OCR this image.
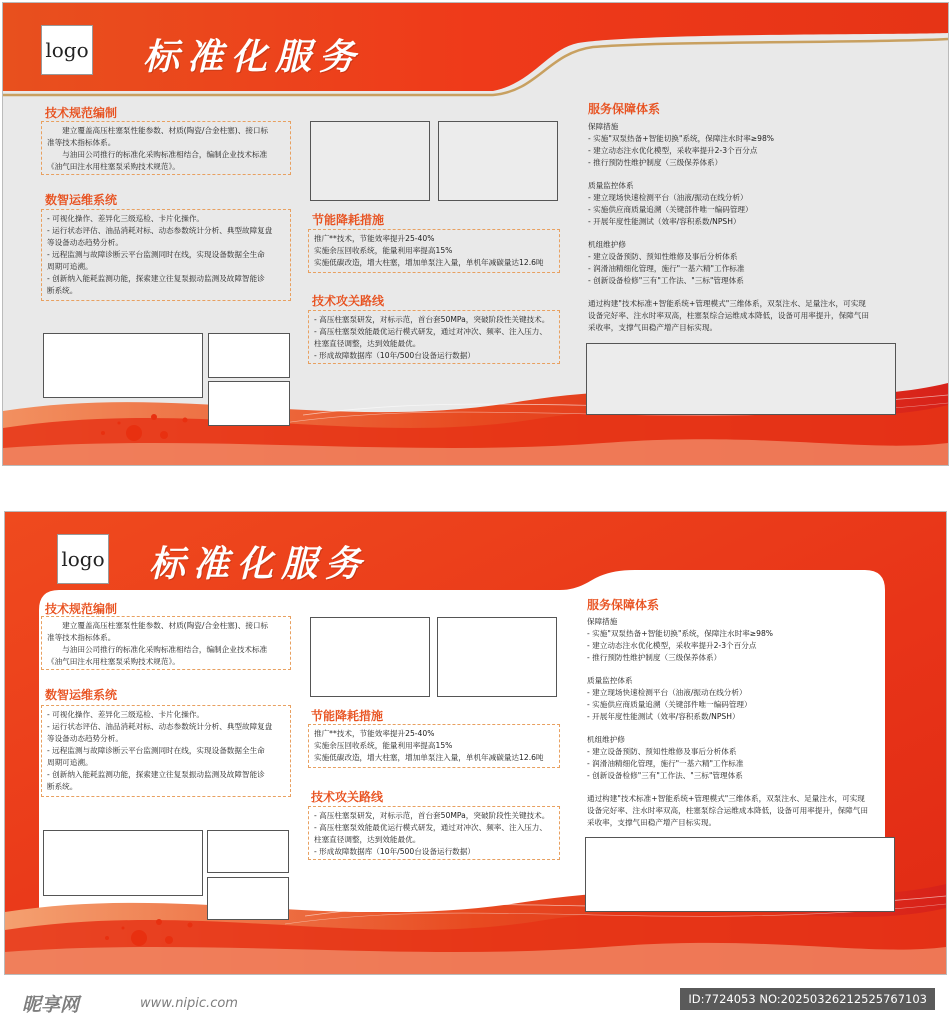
logo 标准化服务
技术规范编制
　　建立覆盖高压柱塞泵性能参数、材质(陶瓷/合金柱塞)、接口标
准等技术指标体系。
　　与油田公司推行的标准化采购标准相结合，编制企业技术标准
《油气田注水用柱塞泵采购技术规范》。
数智运维系统
- 可视化操作、差异化三级巡检、卡片化操作。
- 运行状态评估、油品消耗对标、动态参数统计分析、典型故障复盘
等设备动态趋势分析。
- 远程监测与故障诊断云平台监测同时在线，实现设备数据全生命
周期可追溯。
- 创新纳入能耗监测功能，探索建立往复泵振动监测及故障智能诊
断系统。
节能降耗措施
推广**技术，节能效率提升25-40%
实施余压回收系统，能量利用率提高15%
实施低碳改造，增大柱塞，增加单泵注入量，单机年减碳量达12.6吨
技术攻关路线
- 高压柱塞泵研发，对标示范，首台套50MPa，突破阶段性关键技术。
- 高压柱塞泵效能最优运行模式研发，通过对冲次、频率、注入压力、
柱塞直径调整，达到效能最优。
- 形成故障数据库（10年/500台设备运行数据）
服务保障体系
保障措施
- 实施"双泵热备+智能切换"系统，保障注水时率≥98%
- 建立动态注水优化模型，采收率提升2-3个百分点
- 推行预防性维护制度（三级保养体系）
质量监控体系
- 建立现场快速检测平台（油液/振动在线分析）
- 实施供应商质量追溯（关键部件唯一编码管理）
- 开展年度性能测试（效率/容积系数/NPSH）
机组维护修
- 建立设备预防、预知性维修及事后分析体系
- 润滑油精细化管理，施行"一基六精"工作标准
- 创新设备检修"三有"工作法、"三标"管理体系
通过构建"技术标准+智能系统+管理模式"三维体系，双泵注水、足量注水，可实现
设备完好率、注水时率双高，柱塞泵综合运维成本降低，设备可用率提升，保障气田
采收率，支撑气田稳产增产目标实现。
logo 标准化服务
技术规范编制
　　建立覆盖高压柱塞泵性能参数、材质(陶瓷/合金柱塞)、接口标
准等技术指标体系。
　　与油田公司推行的标准化采购标准相结合，编制企业技术标准
《油气田注水用柱塞泵采购技术规范》。
数智运维系统
- 可视化操作、差异化三级巡检、卡片化操作。
- 运行状态评估、油品消耗对标、动态参数统计分析、典型故障复盘
等设备动态趋势分析。
- 远程监测与故障诊断云平台监测同时在线，实现设备数据全生命
周期可追溯。
- 创新纳入能耗监测功能，探索建立往复泵振动监测及故障智能诊
断系统。
节能降耗措施
推广**技术，节能效率提升25-40%
实施余压回收系统，能量利用率提高15%
实施低碳改造，增大柱塞，增加单泵注入量，单机年减碳量达12.6吨
技术攻关路线
- 高压柱塞泵研发，对标示范，首台套50MPa，突破阶段性关键技术。
- 高压柱塞泵效能最优运行模式研发，通过对冲次、频率、注入压力、
柱塞直径调整，达到效能最优。
- 形成故障数据库（10年/500台设备运行数据）
服务保障体系
保障措施
- 实施"双泵热备+智能切换"系统，保障注水时率≥98%
- 建立动态注水优化模型，采收率提升2-3个百分点
- 推行预防性维护制度（三级保养体系）
质量监控体系
- 建立现场快速检测平台（油液/振动在线分析）
- 实施供应商质量追溯（关键部件唯一编码管理）
- 开展年度性能测试（效率/容积系数/NPSH）
机组维护修
- 建立设备预防、预知性维修及事后分析体系
- 润滑油精细化管理，施行"一基六精"工作标准
- 创新设备检修"三有"工作法、"三标"管理体系
通过构建"技术标准+智能系统+管理模式"三维体系，双泵注水、足量注水，可实现
设备完好率、注水时率双高，柱塞泵综合运维成本降低，设备可用率提升，保障气田
采收率，支撑气田稳产增产目标实现。
昵享网	www.nipic.com	ID:7724053 NO:20250326212525767103
